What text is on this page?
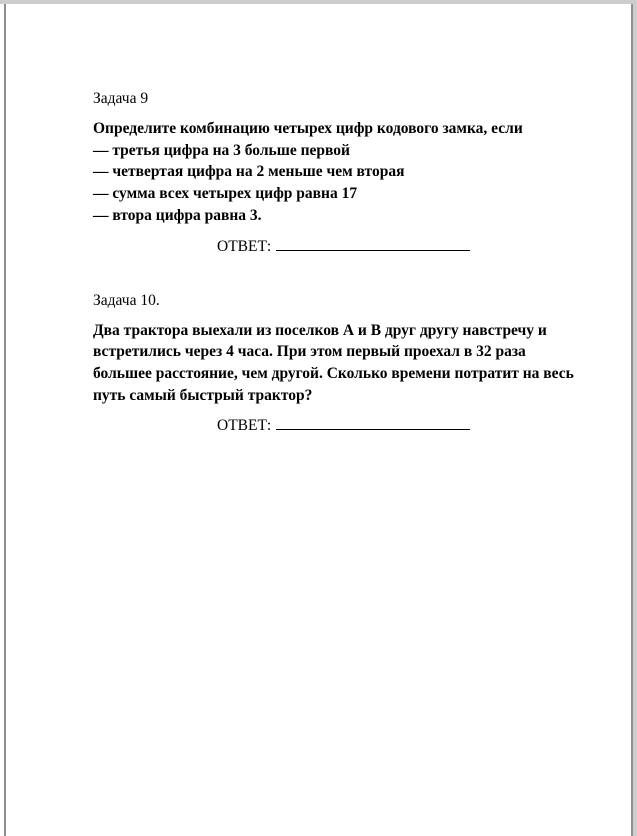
Задача 9
Определите комбинацию четырех цифр кодового замка, если
— третья цифра на 3 больше первой
— четвертая цифра на 2 меньше чем вторая
— сумма всех четырех цифр равна 17
— втора цифра равна 3.
ОТВЕТ:
Задача 10.
Два трактора выехали из поселков А и В друг другу навстречу и
встретились через 4 часа. При этом первый проехал в 32 раза
большее расстояние, чем другой. Сколько времени потратит на весь
путь самый быстрый трактор?
ОТВЕТ:
